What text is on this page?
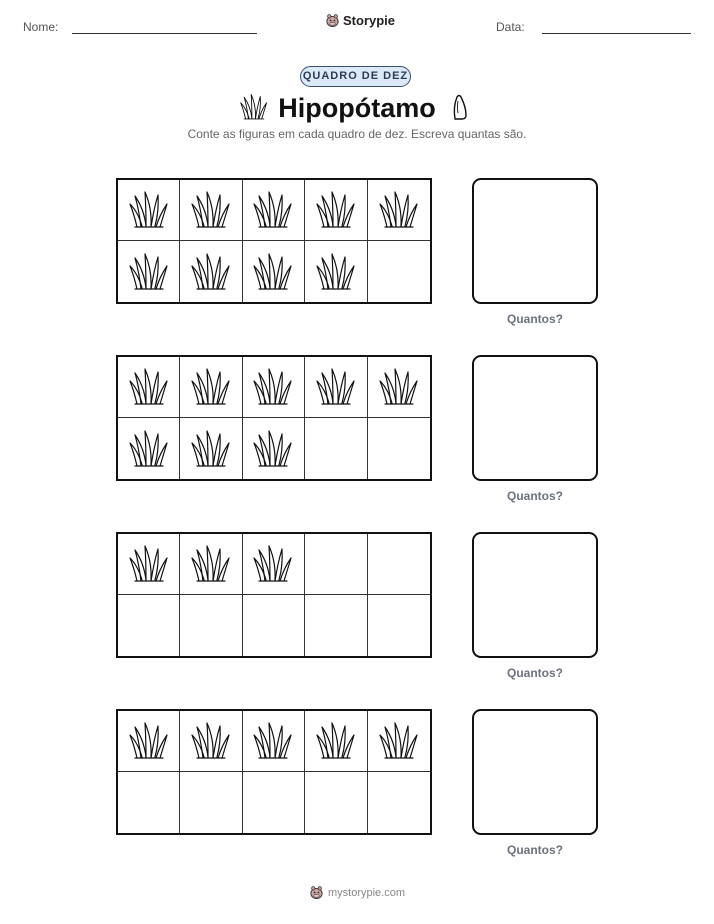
Nome:	Storypie	Data:
QUADRO DE DEZ
Hipopótamo
Conte as figuras em cada quadro de dez. Escreva quantas são.
Quantos?
Quantos?
Quantos?
Quantos?
mystorypie.com
